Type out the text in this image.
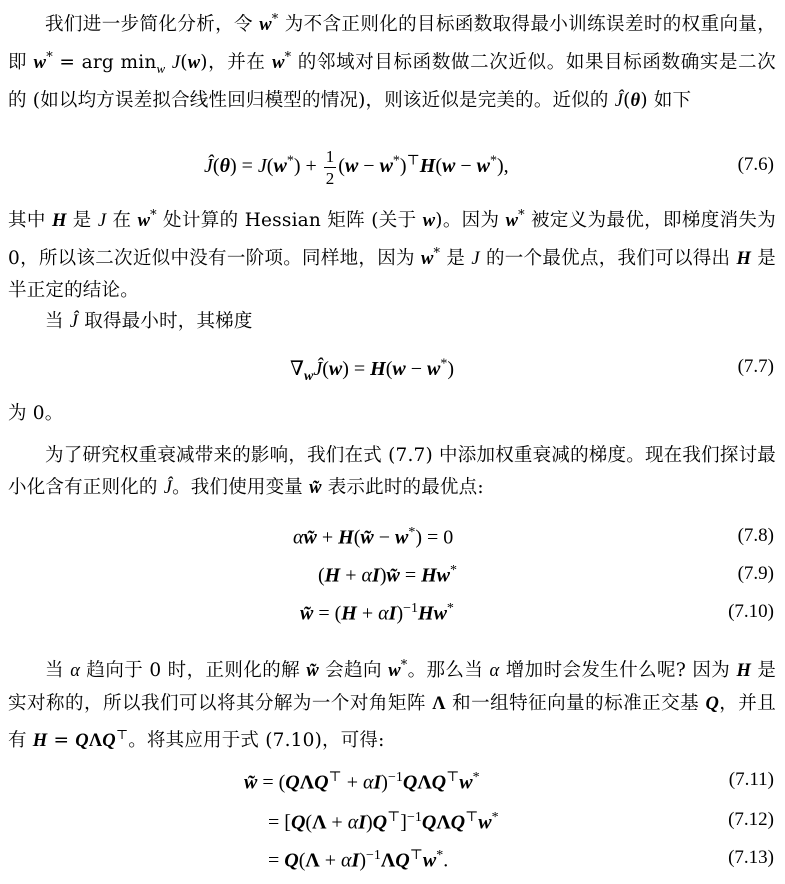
我们进一步简化分析，令 w* 为不含正则化的目标函数取得最小训练误差时的权重向量，即 w* = arg $\min_w J(w)$，并在 w* 的邻域对目标函数做二次近似。如果目标函数确实是二次的 (如以均方误差拟合线性回归模型的情况)，则该近似是完美的。近似的 Ĵ(θ) 如下
Ĵ(θ) = $J(w^*) + \frac{1}{2} (w - w^*)^⊤H(w - w^*)$,	(7.6)
其中 H 是 J 在 w* 处计算的 Hessian 矩阵 (关于 w)。因为 w* 被定义为最优，即梯度消失为 0，所以该二次近似中没有一阶项。同样地，因为 w* 是 J 的一个最优点，我们可以得出 H 是半正定的结论。
当 Ĵ 取得最小时，其梯度
$\nabla_wĴ(w) = H(w - w^*)$	(7.7)
为 0。
为了研究权重衰减带来的影响，我们在式 (7.7) 中添加权重衰减的梯度。现在我们探讨最小化含有正则化的 Ĵ。我们使用变量 w̃ 表示此时的最优点:
αw̃ + H(w̃ − w*) = 0	(7.8)
(H + αI)w̃ = Hw*	(7.9)
w̃ = $(H + \alpha I)^{-1}Hw^*$	(7.10)
当 α 趋向于 0 时，正则化的解 w̃ 会趋向 w*。那么当 α 增加时会发生什么呢? 因为 H 是实对称的，所以我们可以将其分解为一个对角矩阵 Λ 和一组特征向量的标准正交基 Q，并且有 H = QΛQ⊤。将其应用于式 (7.10)，可得:
w̃ = $(Q\Lambda Q^⊤ + \alpha I)^{-1}Q\Lambda Q^⊤w^*$	(7.11)
= $[Q(\Lambda + \alpha I)Q^⊤]^{-1}Q\Lambda Q^⊤w^*$	(7.12)
= $Q(\Lambda + \alpha I)^{-1}\Lambda Q^⊤w^*$.	(7.13)
